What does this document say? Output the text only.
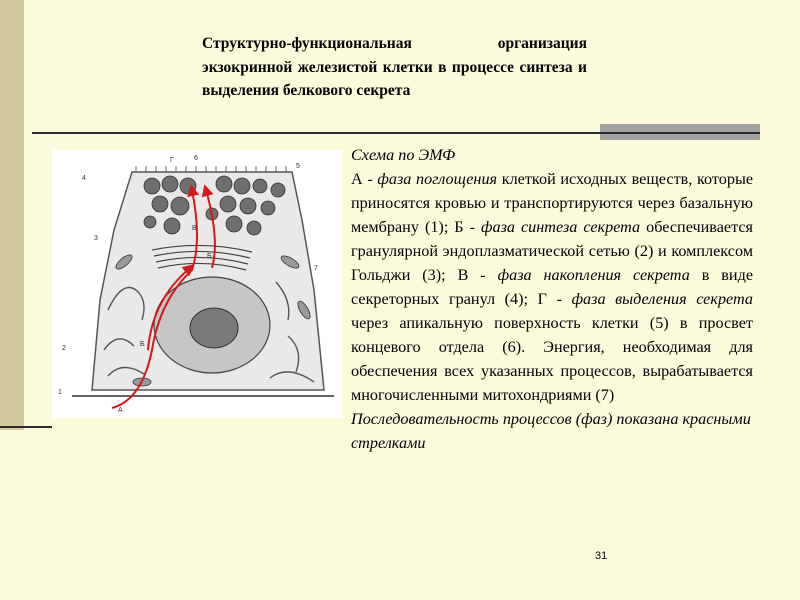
Структурно-функциональная организация экзокринной железистой клетки в процессе синтеза и выделения белкового секрета
Г	6
5
4
В
3
Б
7
Б
2
1
А
Схема по ЭМФ

А - фаза поглощения клеткой исходных веществ, которые приносятся кровью и транспортируются через базальную мембрану (1); Б - фаза синтеза секрета обеспечивается гранулярной эндоплазматической сетью (2) и комплексом Гольджи (3); В - фаза накопления секрета в виде секреторных гранул (4); Г - фаза выделения секрета через апикальную поверхность клетки (5) в просвет концевого отдела (6). Энергия, необходимая для обеспечения всех указанных процессов, вырабатывается многочисленными митохондриями (7)

Последовательность процессов (фаз) показана красными стрелками
31
